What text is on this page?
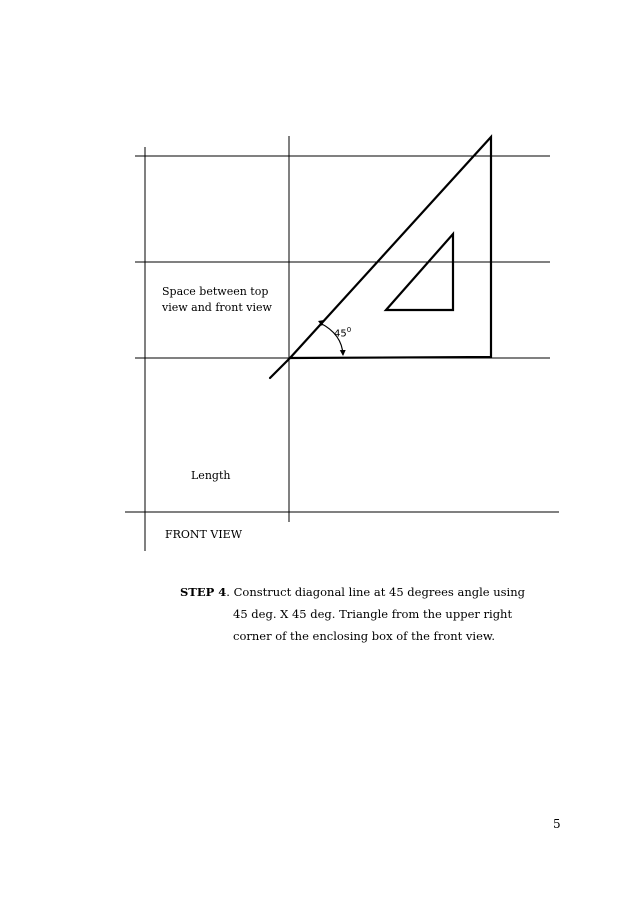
Space between top
view and front view
$45^0$
Length
FRONT VIEW
STEP 4. Construct diagonal line at 45 degrees angle using
45 deg. X 45 deg. Triangle from the upper right
corner of the enclosing box of the front view.
5
